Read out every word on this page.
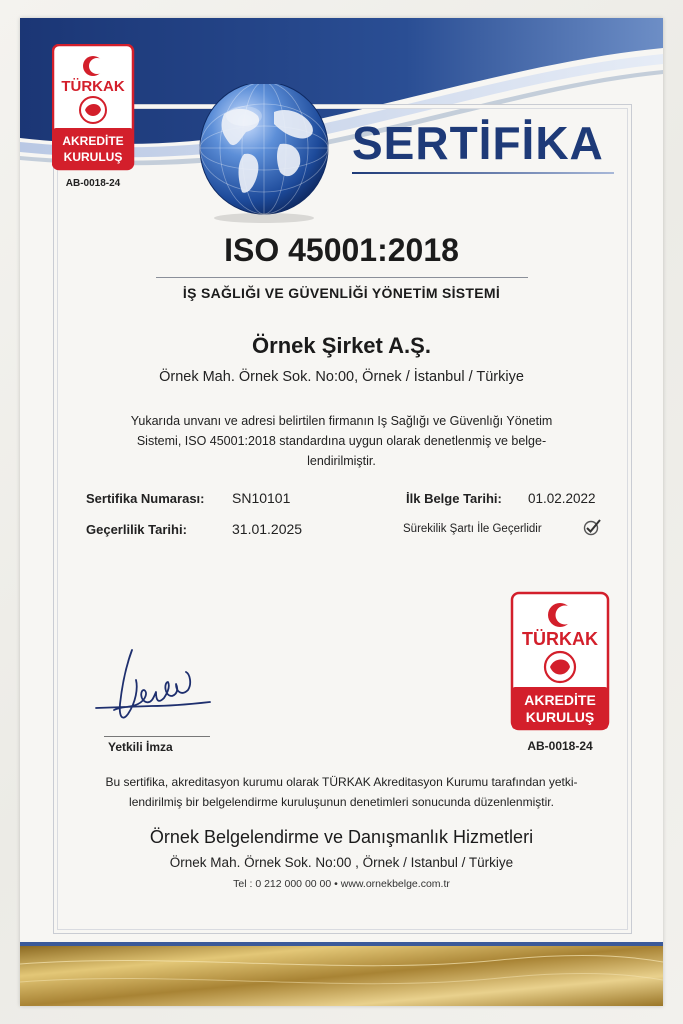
TÜRKAK
AKREDİTE
KURULUŞ
AB-0018-24
SERTİFİKA
ISO 45001:2018
İŞ SAĞLIĞI VE GÜVENLİĞİ YÖNETİM SİSTEMİ
Örnek Şirket A.Ş.
Örnek Mah. Örnek Sok. No:00, Örnek / İstanbul / Türkiye
Yukarıda unvanı ve adresi belirtilen firmanın Iş Sağlığı ve Güvenlığı Yönetim
Sistemi, ISO 45001:2018 standardına uygun olarak denetlenmiş ve belge-
lendirilmiştir.
Sertifika Numarası: SN10101	İlk Belge Tarihi: 01.02.2022
Geçerlilik Tarihi:	31.01.2025	Sürekilik Şartı İle Geçerlidir
Yetkili İmza
TÜRKAK
AKREDİTE
KURULUŞ
AB-0018-24
Bu sertifika, akreditasyon kurumu olarak TÜRKAK Akreditasyon Kurumu tarafından yetki-
lendirilmiş bir belgelendirme kuruluşunun denetimleri sonucunda düzenlenmiştir.
Örnek Belgelendirme ve Danışmanlık Hizmetleri
Örnek Mah. Örnek Sok. No:00 , Örnek / Istanbul / Türkiye
Tel : 0 212 000 00 00 • www.ornekbelge.com.tr
